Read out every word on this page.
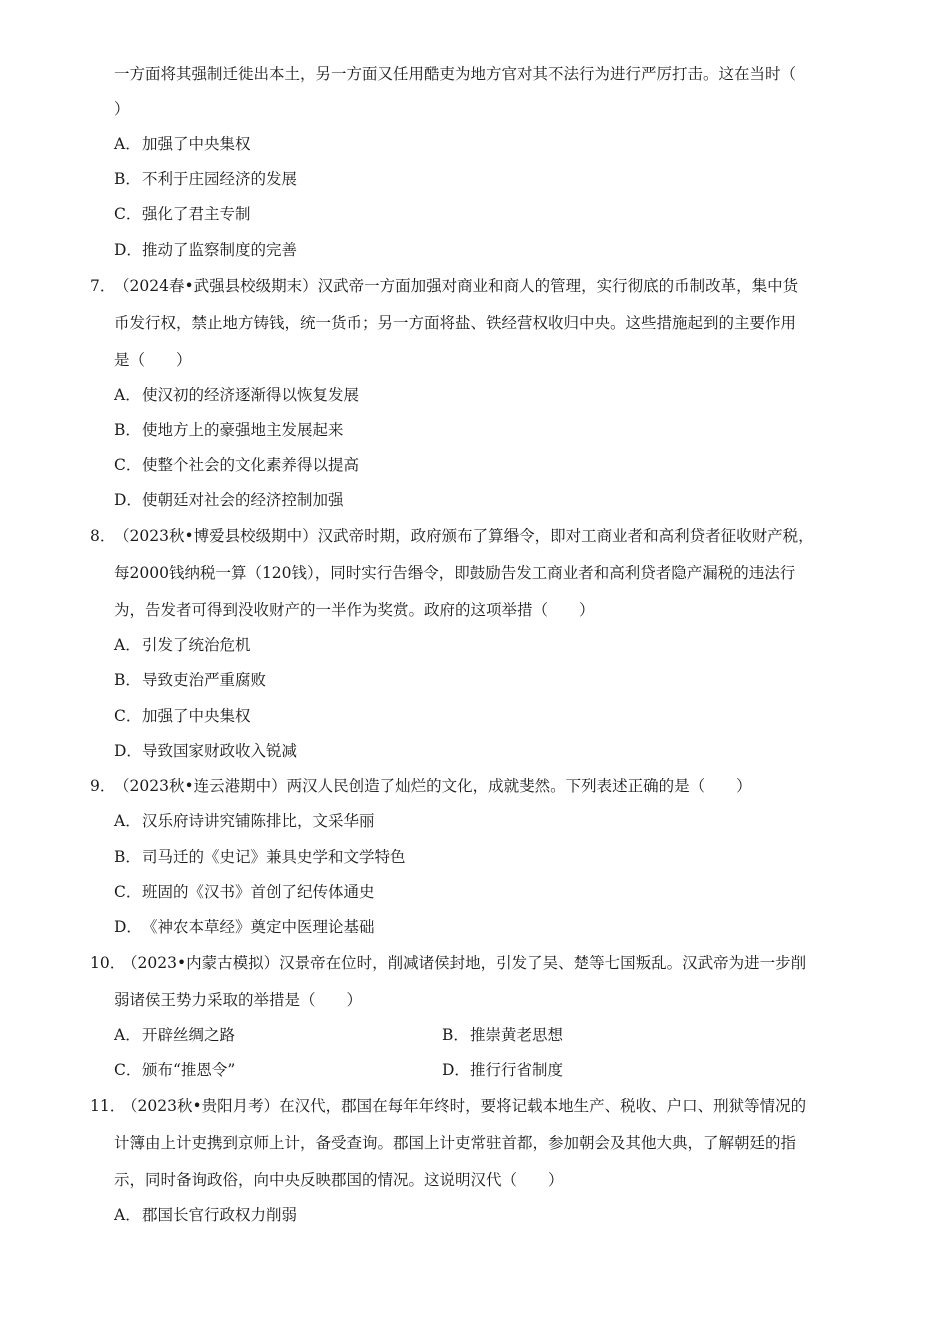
一方面将其强制迁徙出本土，另一方面又任用酷吏为地方官对其不法行为进行严厉打击。这在当时（
）
A．加强了中央集权
B．不利于庄园经济的发展
C．强化了君主专制
D．推动了监察制度的完善
7．（2024春•武强县校级期末）汉武帝一方面加强对商业和商人的管理，实行彻底的币制改革，集中货
币发行权，禁止地方铸钱，统一货币；另一方面将盐、铁经营权收归中央。这些措施起到的主要作用
是（　　）
A．使汉初的经济逐渐得以恢复发展
B．使地方上的豪强地主发展起来
C．使整个社会的文化素养得以提高
D．使朝廷对社会的经济控制加强
8．（2023秋•博爱县校级期中）汉武帝时期，政府颁布了算缗令，即对工商业者和高利贷者征收财产税，
每2000钱纳税一算（120钱），同时实行告缗令，即鼓励告发工商业者和高利贷者隐产漏税的违法行
为，告发者可得到没收财产的一半作为奖赏。政府的这项举措（　　）
A．引发了统治危机
B．导致吏治严重腐败
C．加强了中央集权
D．导致国家财政收入锐减
9．（2023秋•连云港期中）两汉人民创造了灿烂的文化，成就斐然。下列表述正确的是（　　）
A．汉乐府诗讲究铺陈排比，文采华丽
B．司马迁的《史记》兼具史学和文学特色
C．班固的《汉书》首创了纪传体通史
D．《神农本草经》奠定中医理论基础
10．（2023•内蒙古模拟）汉景帝在位时，削减诸侯封地，引发了吴、楚等七国叛乱。汉武帝为进一步削
弱诸侯王势力采取的举措是（　　）
A．开辟丝绸之路	B．推崇黄老思想
C．颁布“推恩令”	D．推行行省制度
11．（2023秋•贵阳月考）在汉代，郡国在每年年终时，要将记载本地生产、税收、户口、刑狱等情况的
计簿由上计吏携到京师上计，备受查询。郡国上计吏常驻首都，参加朝会及其他大典，了解朝廷的指
示，同时备询政俗，向中央反映郡国的情况。这说明汉代（　　）
A．郡国长官行政权力削弱
